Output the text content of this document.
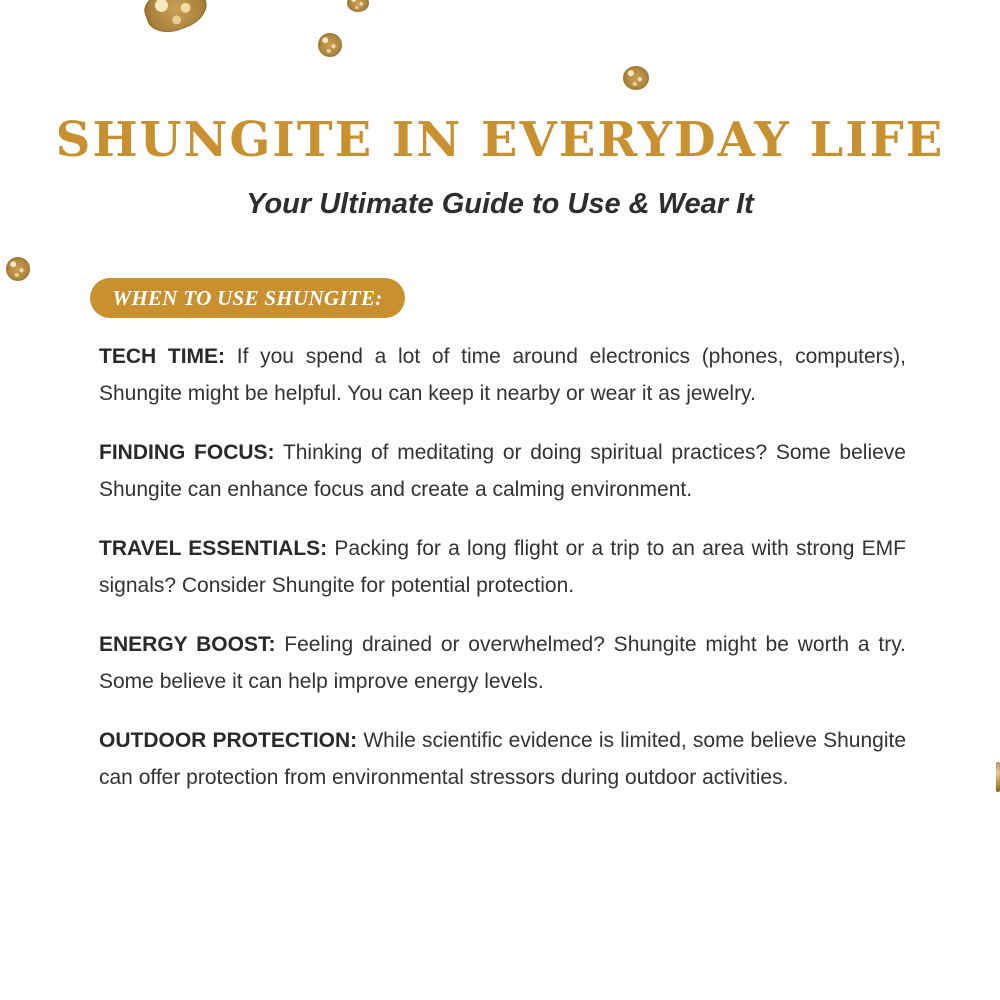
SHUNGITE IN EVERYDAY LIFE
Your Ultimate Guide to Use & Wear It
WHEN TO USE SHUNGITE:

TECH TIME: If you spend a lot of time around electronics (phones, computers), Shungite might be helpful. You can keep it nearby or wear it as jewelry.

FINDING FOCUS: Thinking of meditating or doing spiritual practices? Some believe Shungite can enhance focus and create a calming environment.

TRAVEL ESSENTIALS: Packing for a long flight or a trip to an area with strong EMF signals? Consider Shungite for potential protection.

ENERGY BOOST: Feeling drained or overwhelmed? Shungite might be worth a try. Some believe it can help improve energy levels.

OUTDOOR PROTECTION: While scientific evidence is limited, some believe Shungite can offer protection from environmental stressors during outdoor activities.
